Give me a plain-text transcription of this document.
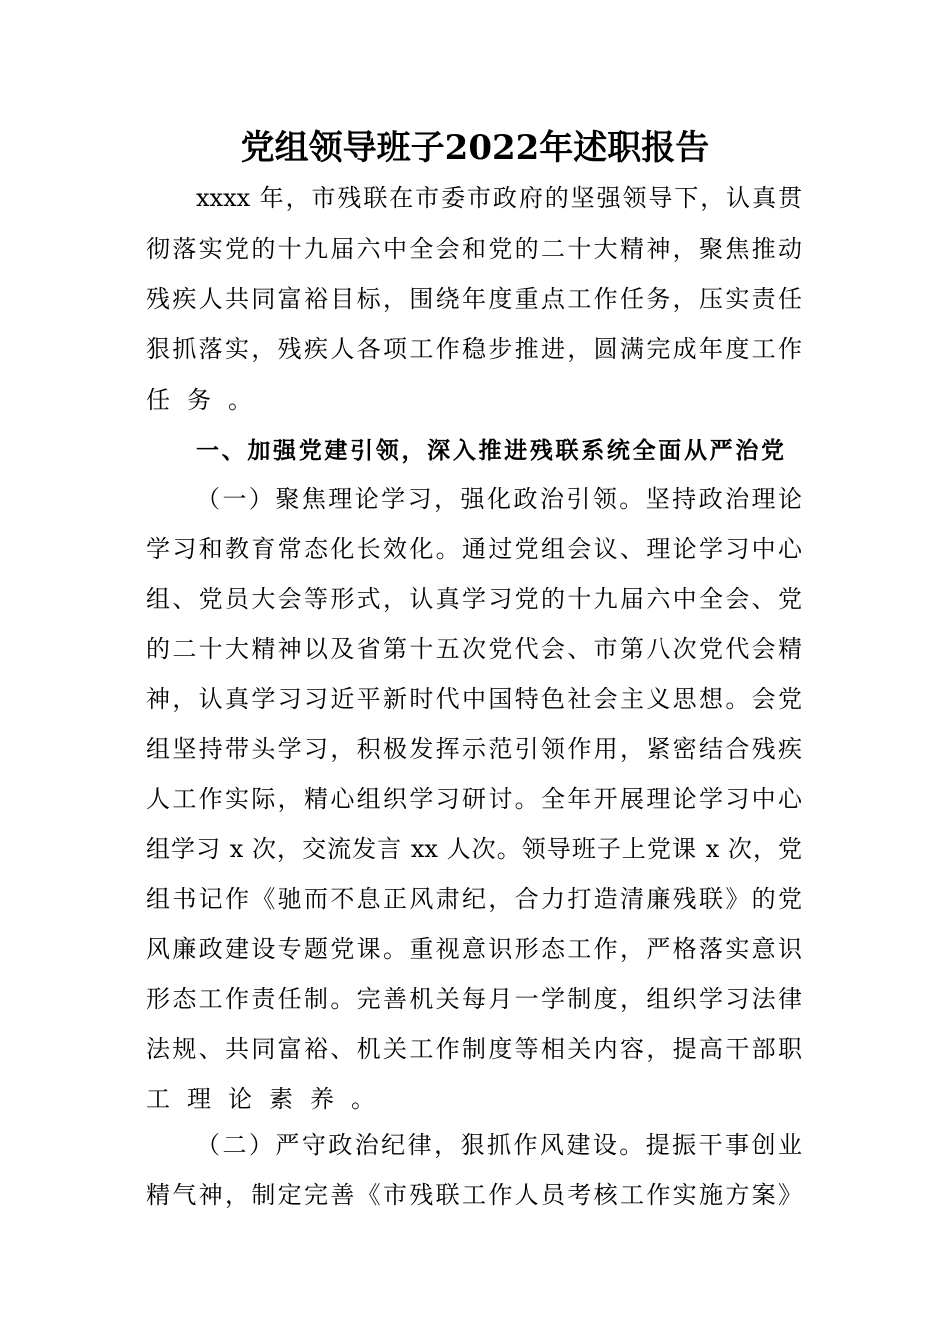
党组领导班子2022年述职报告
xxxx 年，市残联在市委市政府的坚强领导下，认真贯
彻落实党的十九届六中全会和党的二十大精神，聚焦推动
残疾人共同富裕目标，围绕年度重点工作任务，压实责任
狠抓落实，残疾人各项工作稳步推进，圆满完成年度工作
任务。
一、加强党建引领，深入推进残联系统全面从严治党
（一）聚焦理论学习，强化政治引领。坚持政治理论
学习和教育常态化长效化。通过党组会议、理论学习中心
组、党员大会等形式，认真学习党的十九届六中全会、党
的二十大精神以及省第十五次党代会、市第八次党代会精
神，认真学习习近平新时代中国特色社会主义思想。会党
组坚持带头学习，积极发挥示范引领作用，紧密结合残疾
人工作实际，精心组织学习研讨。全年开展理论学习中心
组学习 x 次，交流发言 xx 人次。领导班子上党课 x 次，党
组书记作《驰而不息正风肃纪，合力打造清廉残联》的党
风廉政建设专题党课。重视意识形态工作，严格落实意识
形态工作责任制。完善机关每月一学制度，组织学习法律
法规、共同富裕、机关工作制度等相关内容，提高干部职
工理论素养。
（二）严守政治纪律，狠抓作风建设。提振干事创业
精气神，制定完善《市残联工作人员考核工作实施方案》
